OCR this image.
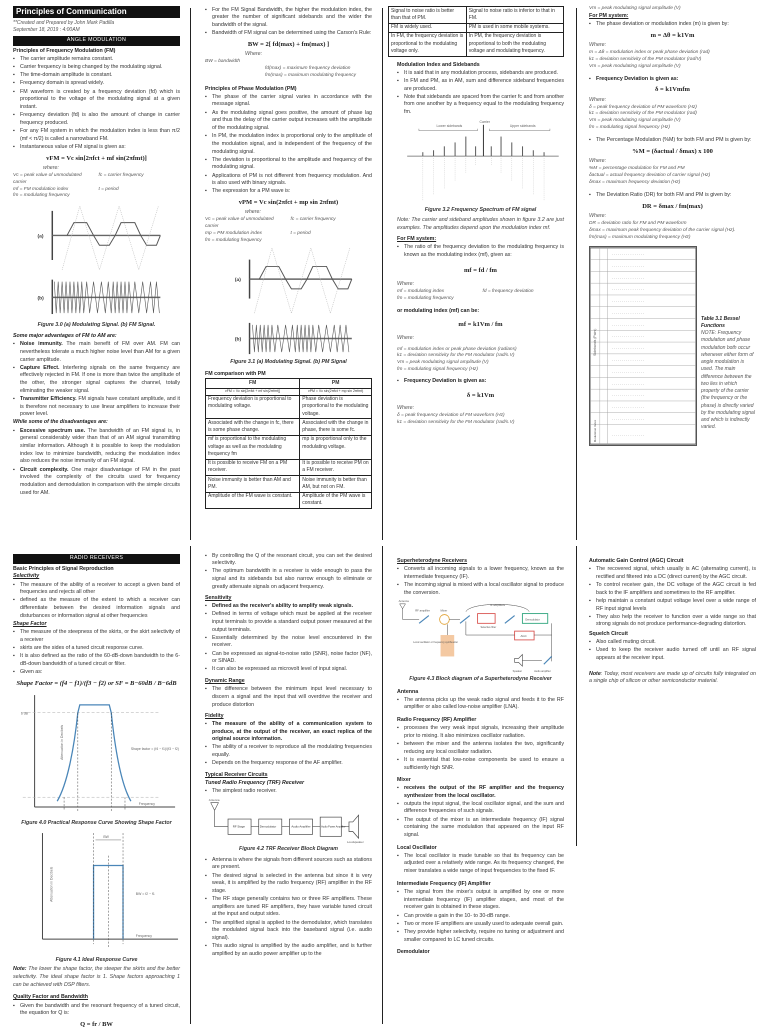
Principles of Communication
**Created and Prepared by John Mark Padilla
September 18, 2019 : 4:00AM
ANGLE MODULATION
Principles of Frequency Modulation (FM)
▪ The carrier amplitude remains constant.
▪ Carrier frequency is being changed by the modulating signal.
▪ The time-domain amplitude is constant.
▪ Frequency domain is spread widely.
▪ FM waveform is created by a frequency deviation (fd) which is proportional to the voltage of the modulating signal at a given instant.
▪ Frequency deviation (fd) is also the amount of change in carrier frequency produced.
▪ For any FM system in which the modulation index is less than π/2 (mf < π/2) is called a narrowband FM.
▪ Instantaneous value of FM signal is given as:
vFM = Vc sin[2πfct + mf sin(2πfmt)]
where:
Vc = peak value of unmodulated carrier
fc = carrier frequency
mf = FM modulation index	t = period
fm = modulating frequency
(a)
(b)
Figure 3.0 (a) Modulating Signal. (b) FM Signal.
Some major advantages of FM to AM are:
▪ Noise immunity. The main benefit of FM over AM. FM can nevertheless tolerate a much higher noise level than AM for a given carrier amplitude.
▪ Capture Effect. Interfering signals on the same frequency are effectively rejected in FM. If one is more than twice the amplitude of the other, the stronger signal captures the channel, totally eliminating the weaker signal.
▪ Transmitter Efficiency. FM signals have constant amplitude, and it is therefore not necessary to use linear amplifiers to increase their power level.
While some of the disadvantages are:
▪ Excessive spectrum use. The bandwidth of an FM signal is, in general considerably wider than that of an AM signal transmitting similar information. Although it is possible to keep the modulation index low to minimize bandwidth, reducing the modulation index also reduces the noise immunity of an FM signal.
▪ Circuit complexity. One major disadvantage of FM in the past involved the complexity of the circuits used for frequency modulation and demodulation in comparison with the simple circuits used for AM.
▪ For the FM Signal Bandwidth, the higher the modulation index, the greater the number of significant sidebands and the wider the bandwidth of the signal.
▪ Bandwidth of FM signal can be determined using the Carson's Rule:
BW = 2[ fd(max) + fm(max) ]
Where:
BW = bandwidth
fd(max) = maximum frequency deviation
fm(max) = maximum modulating frequency
Principles of Phase Modulation (PM)
▪ The phase of the carrier signal varies in accordance with the message signal.
▪ As the modulating signal goes positive, the amount of phase lag and thus the delay of the carrier output increases with the amplitude of the modulating signal.
▪ In PM, the modulation index is proportional only to the amplitude of the modulation signal, and is independent of the frequency of the modulating signal.
▪ The deviation is proportional to the amplitude and frequency of the modulating signal.
▪ Applications of PM is not different from frequency modulation. And is also used with binary signals.
▪ The expression for a PM wave is:
vPM = Vc sin(2πfct + mp sin 2πfmt)
where:
Vc = peak value of unmodulated carrier
fc = carrier frequency
mp = PM modulation index	t = period
fm = modulating frequency
(a)
(b)
Figure 3.1 (a) Modulating Signal. (b) PM Signal
FM comparison with PM
FM	PM
vFM = Vc sin[2πfct + mf sin(2πfmt)]	vPM = Vc sin(2πfct + mp sin 2πfmt)
Frequency deviation is proportional to modulating voltage.	Phase deviation is proportional to the modulating voltage.
Associated with the change in fc, there is some phase change.	Associated with the change in phase, there is some fc.
mf is proportional to the modulating voltage as well as the modulating frequency fm	mp is proportional only to the modulating voltage.
It is possible to receive FM on a PM receiver.	It is possible to receive PM on a FM receiver.
Noise immunity is better than AM and PM.	Noise immunity is better than AM, but not on FM.
Amplitude of the FM wave is constant.	Amplitude of the PM wave is constant.
Signal to noise ratio is better than that of PM.	Signal to noise ratio is inferior to that in FM.
FM is widely used.	PM is used in some mobile systems.
In FM, the frequency deviation is proportional to the modulating voltage only.	In PM, the frequency deviation is proportional to both the modulating voltage and modulating frequency.
Modulation Index and Sidebands
▪ It is said that in any modulation process, sidebands are produced.
▪ In FM and PM, as in AM, sum and difference sideband frequencies are produced.
▪ Note that sidebands are spaced from the carrier fc and from another from one another by a frequency equal to the modulating frequency fm.
Lower sidebands	Upper sidebands
Carrier
Figure 3.2 Frequency Spectrum of FM signal
Note: The carrier and sideband amplitudes shown in figure 3.2 are just examples. The amplitudes depend upon the modulation index mf.
For FM system:
▪ The ratio of the frequency deviation to the modulating frequency is known as the modulating index (mf), given as:
mf = fd / fm
Where:
mf = modulating index	fd = frequency deviation
fm = modulating frequency
or modulating index (mf) can be:
mf = k1Vm / fm
Where:
mf = modulation index or peak phase deviation (radians)
k1 = deviation sensitivity for the FM modulator (rad/s.V)
Vm = peak modulating signal amplitude (V)
fm = modulating signal frequency (Hz)
▪ Frequency Deviation is given as:
δ = k1Vm
Where:
δ = peak frequency deviation of FM waveform (Hz)
k1 = deviation sensitivity for the FM modulator (rad/s.V)
Vm = peak modulating signal amplitude (V)
For PM system:
▪ The phase deviation or modulation index (m) is given by:
m = Δθ = k1Vm
Where:
m = Δθ = modulation index or peak phase deviation (rad)
k1 = deviation sensitivity of the PM modulator (rad/V)
Vm = peak modulating signal amplitude (V)
▪ Frequency Deviation is given as:
δ = k1Vmfm
Where:
δ = peak frequency deviation of PM waveform (Hz)
k1 = deviation sensitivity of the PM modulator (rad)
Vm = peak modulating signal amplitude (V)
fm = modulating signal frequency (Hz)
▪ The Percentage Modulation (%M) for both FM and PM is given by:
%M = (δactual / δmax) x 100
Where:
%M = percentage modulation for FM and PM
δactual = actual frequency deviation of carrier signal (Hz)
δmax = maximum frequency deviation (Hz)
▪ The Deviation Ratio (DR) for both FM and PM is given by:
DR = δmax / fm(max)
Where:
DR = deviation ratio for FM and PM waveform
δmax = maximum peak frequency deviation of the carrier signal (Hz).
fm(max) = maximum modulating frequency (Hz)
· · · · · · · · · · · · · · · ·
· · · · · · · · · · · · · · · ·
· · · · · · · · · · · · · · · ·
· · · · · · · · · · · · · · · ·
· · · · · · · · · · · · · · · ·
· · · · · · · · · · · · · · · ·
· · · · · · · · · · · · · · · ·
· · · · · · · · · · · · · · · ·
· · · · · · · · · · · · · · · ·
· · · · · · · · · · · · · · · ·
· · · · · · · · · · · · · · · ·
· · · · · · · · · · · · · · · ·
· · · · · · · · · · · · · · · ·
· · · · · · · · · · · · · · · ·
· · · · · · · · · · · · · · · ·
· · · · · · · · · · · · · · · ·
Sidebands (Pairs)
Modulation Index
Table 3.1 Bessel Functions
NOTE: Frequency modulation and phase modulation both occur whenever either form of angle modulation is used. The main difference between the two lies in which property of the carrier (the frequency or the phase) is directly varied by the modulating signal and which is indirectly varied.
RADIO RECEIVERS
Basic Principles of Signal Reproduction
Selectivity
▪ The measure of the ability of a receiver to accept a given band of frequencies and rejects all other
▪ defined as the measure of the extent to which a receiver can differentiate between the desired information signals and disturbances or information signal at other frequencies
Shape Factor
▪ The measure of the steepness of the skirts, or the skirt selectivity of a receiver
▪ skirts are the sides of a tuned circuit response curve.
▪ It is also defined as the ratio of the 60-dB-down bandwidth to the 6-dB-down bandwidth of a tuned circuit or filter.
▪ Given as:
Shape Factor = (f4 − f1)/(f3 − f2) or SF = B−60dB / B−6dB
Attenuation in Decibels	Shape factor = (f4 − f1)/(f3 − f2)
Frequency
6 dB
Figure 4.0 Practical Response Curve Showing Shape Factor
BW
BW = f2 − f1
Frequency
Attenuation in Decibels
Figure 4.1 Ideal Response Curve
Note: The lower the shape factor, the steeper the skirts and the better selectivity. The ideal shape factor is 1. Shape factors approaching 1 can be achieved with DSP filters.
Quality Factor and Bandwidth
▪ Given the bandwidth and the resonant frequency of a tuned circuit, the equation for Q is:
Q = fr / BW
▪ By controlling the Q of the resonant circuit, you can set the desired selectivity.
▪ The optimum bandwidth in a receiver is wide enough to pass the signal and its sidebands but also narrow enough to eliminate or greatly attenuate signals on adjacent frequency.
Sensitivity
▪ Defined as the receiver's ability to amplify weak signals.
▪ Defined in terms of voltage which must be applied at the receiver input terminals to provide a standard output power measured at the output terminals.
▪ Essentially determined by the noise level encountered in the receiver.
▪ Can be expressed as signal-to-noise ratio (SNR), noise factor (NF), or SINAD.
▪ It can also be expressed as microvolt level of input signal.
Dynamic Range
▪ The difference between the minimum input level necessary to discern a signal and the input that will overdrive the receiver and produce distortion
Fidelity
▪ The measure of the ability of a communication system to produce, at the output of the receiver, an exact replica of the original source information.
▪ The ability of a receiver to reproduce all the modulating frequencies equally.
▪ Depends on the frequency response of the AF amplifier.
Typical Receiver Circuits
Tuned Radio Frequency (TRF) Receiver
▪ The simplest radio receiver.
Antenna
RF Stage	Demodulator	Audio Amplifier	Audio Power Amplifier
Loudspeaker
Figure 4.2 TRF Receiver Block Diagram
▪ Antenna is where the signals from different sources such as stations are present.
▪ The desired signal is selected in the antenna but since it is very weak, it is amplified by the radio frequency (RF) amplifier in the RF stage.
▪ The RF stage generally contains two or three RF amplifiers. These amplifiers are tuned RF amplifiers, they have variable tuned circuit at the input and output sides.
▪ The amplified signal is applied to the demodulator, which translates the modulated signal back into the baseband signal (i.e. audio signal).
▪ This audio signal is amplified by the audio amplifier, and is further amplified by an audio power amplifier up to the
Superheterodyne Receivers
▪ Converts all incoming signals to a lower frequency, known as the intermediate frequency (IF).
▪ The incoming signal is mixed with a local oscillator signal to produce the conversion.
Antenna
RF amplifier	Mixer
Local oscillator or frequency synthesizer
IF amplifiers
Selective filter
Demodulator
AGC
Speaker	Audio amplifier
Figure 4.3 Block diagram of a Superheterodyne Receiver
Antenna
▪ The antenna picks up the weak radio signal and feeds it to the RF amplifier or also called low-noise amplifier (LNA).
Radio Frequency (RF) Amplifier
▪ processes the very weak input signals, increasing their amplitude prior to mixing. It also minimizes oscillator radiation.
▪ between the mixer and the antenna isolates the two, significantly reducing any local oscillator radiation.
▪ It is essential that low-noise components be used to ensure a sufficiently high SNR.
Mixer
▪ receives the output of the RF amplifier and the frequency synthesizer from the local oscillator.
▪ outputs the input signal, the local oscillator signal, and the sum and difference frequencies of such signals.
▪ The output of the mixer is an intermediate frequency (IF) signal containing the same modulation that appeared on the input RF signal.
Local Oscillator
▪ The local oscillator is made tunable so that its frequency can be adjusted over a relatively wide range. As its frequency changed, the mixer translates a wide range of input frequencies to the fixed IF.
Intermediate Frequency (IF) Amplifier
▪ The signal from the mixer's output is amplified by one or more intermediate frequency (IF) amplifier stages, and most of the receiver gain is obtained in these stages.
▪ Can provide a gain in the 10- to 30-dB range.
▪ Two or more IF amplifiers are usually used to adequate overall gain.
▪ They provide higher selectivity, require no tuning or adjustment and smaller compared to LC tuned circuits.
Demodulator
Automatic Gain Control (AGC) Circuit
▪ The recovered signal, which usually is AC (alternating current), is rectified and filtered into a DC (direct current) by the AGC circuit.
▪ To control receiver gain, the DC voltage of the AGC circuit is fed back to the IF amplifiers and sometimes to the RF amplifier.
▪ help maintain a constant output voltage level over a wide range of RF input signal levels
▪ They also help the receiver to function over a wide range so that strong signals do not produce performance-degrading distortion.
Squelch Circuit
▪ Also called muting circuit.
▪ Used to keep the receiver audio turned off until an RF signal appears at the receiver input.
Note: Today, most receivers are made up of circuits fully integrated on a single chip of silicon or other semiconductor material.
